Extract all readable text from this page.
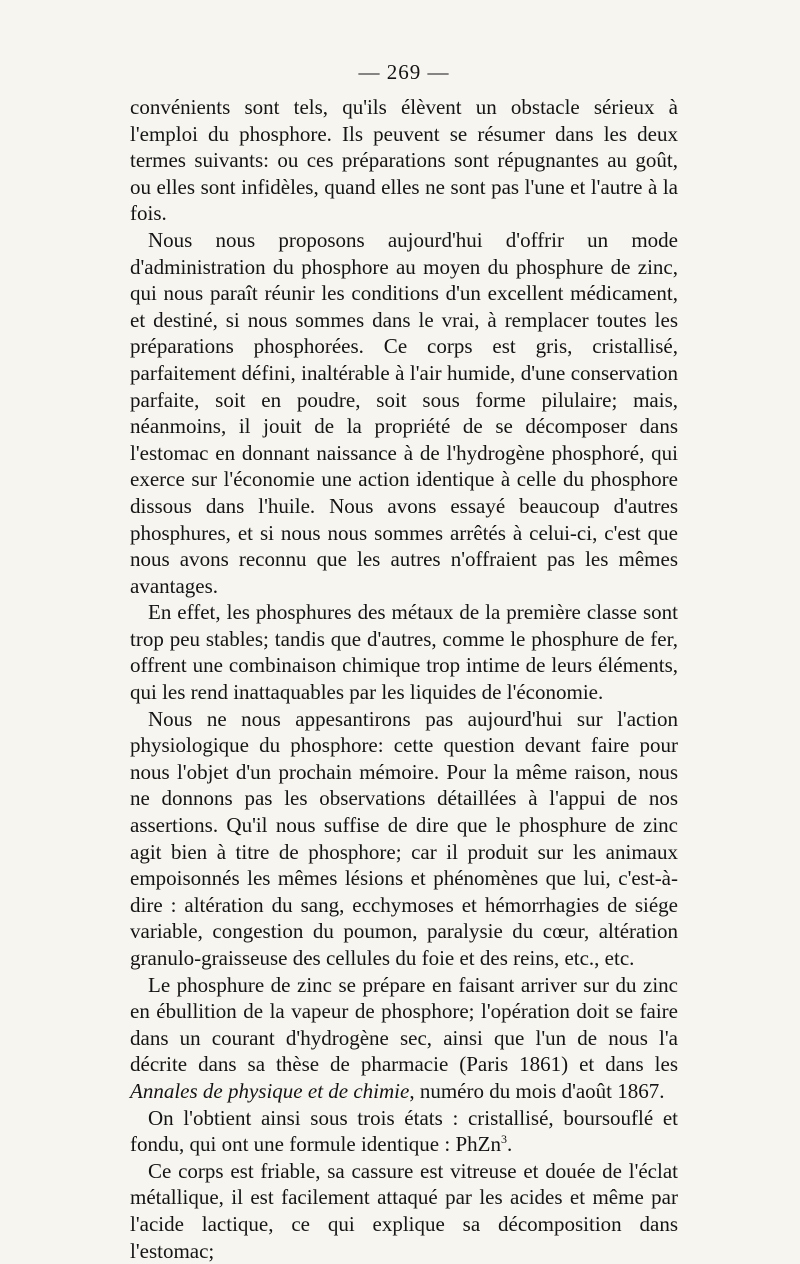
— 269 —

convénients sont tels, qu'ils élèvent un obstacle sérieux à l'emploi du phosphore. Ils peuvent se résumer dans les deux termes suivants: ou ces préparations sont répugnantes au goût, ou elles sont infidèles, quand elles ne sont pas l'une et l'autre à la fois.

Nous nous proposons aujourd'hui d'offrir un mode d'administration du phosphore au moyen du phosphure de zinc, qui nous paraît réunir les conditions d'un excellent médicament, et destiné, si nous sommes dans le vrai, à remplacer toutes les préparations phosphorées. Ce corps est gris, cristallisé, parfaitement défini, inaltérable à l'air humide, d'une conservation parfaite, soit en poudre, soit sous forme pilulaire; mais, néanmoins, il jouit de la propriété de se décomposer dans l'estomac en donnant naissance à de l'hydrogène phosphoré, qui exerce sur l'économie une action identique à celle du phosphore dissous dans l'huile. Nous avons essayé beaucoup d'autres phosphures, et si nous nous sommes arrêtés à celui-ci, c'est que nous avons reconnu que les autres n'offraient pas les mêmes avantages.

En effet, les phosphures des métaux de la première classe sont trop peu stables; tandis que d'autres, comme le phosphure de fer, offrent une combinaison chimique trop intime de leurs éléments, qui les rend inattaquables par les liquides de l'économie.

Nous ne nous appesantirons pas aujourd'hui sur l'action physiologique du phosphore: cette question devant faire pour nous l'objet d'un prochain mémoire. Pour la même raison, nous ne donnons pas les observations détaillées à l'appui de nos assertions. Qu'il nous suffise de dire que le phosphure de zinc agit bien à titre de phosphore; car il produit sur les animaux empoisonnés les mêmes lésions et phénomènes que lui, c'est-à-dire : altération du sang, ecchymoses et hémorrhagies de siége variable, congestion du poumon, paralysie du cœur, altération granulo-graisseuse des cellules du foie et des reins, etc., etc.

Le phosphure de zinc se prépare en faisant arriver sur du zinc en ébullition de la vapeur de phosphore; l'opération doit se faire dans un courant d'hydrogène sec, ainsi que l'un de nous l'a décrite dans sa thèse de pharmacie (Paris 1861) et dans les Annales de physique et de chimie, numéro du mois d'août 1867.

On l'obtient ainsi sous trois états : cristallisé, boursouflé et fondu, qui ont une formule identique : PhZn$^3$.

Ce corps est friable, sa cassure est vitreuse et douée de l'éclat métallique, il est facilement attaqué par les acides et même par l'acide lactique, ce qui explique sa décomposition dans l'estomac;
